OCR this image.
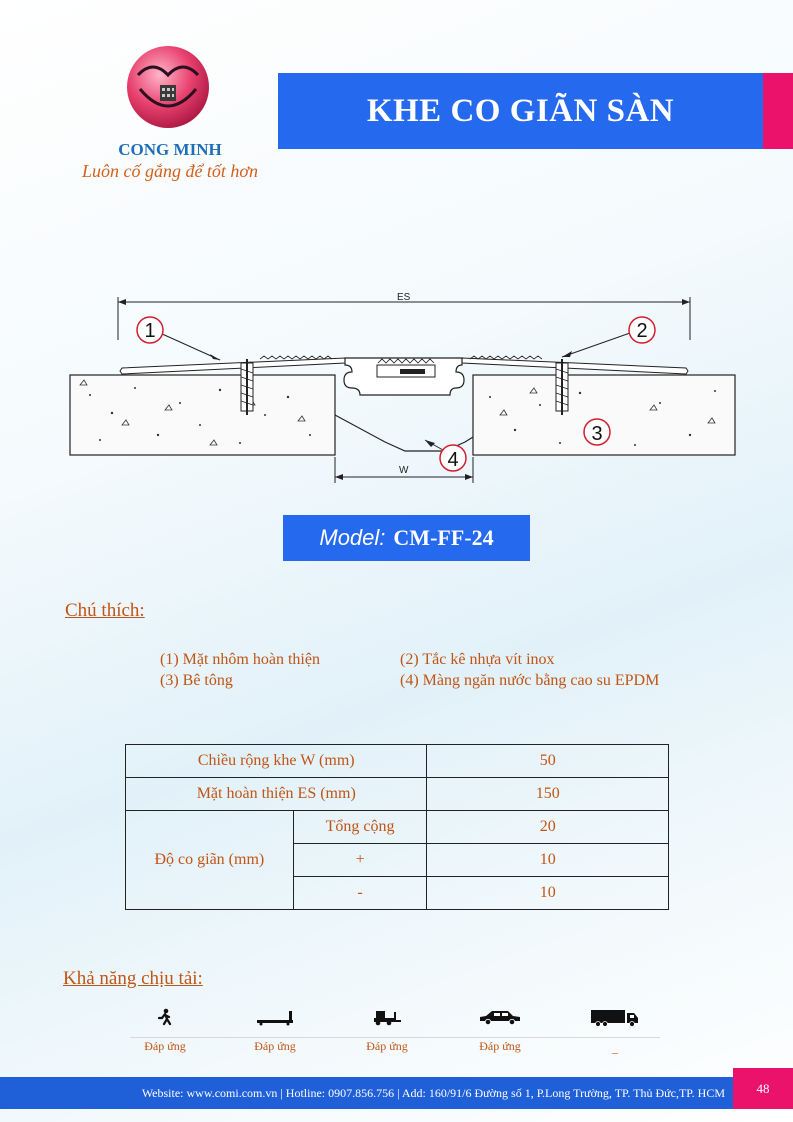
CONG MINH
Luôn cố gắng để tốt hơn
KHE CO GIÃN SÀN
ES
W
1	2
3
4
Model: CM-FF-24
Chú thích:
(1) Mặt nhôm hoàn thiện	(2) Tắc kê nhựa vít inox
(3) Bê tông	(4) Màng ngăn nước bằng cao su EPDM
Chiều rộng khe W (mm)		50
Mặt hoàn thiện ES (mm)		150
Độ co giãn (mm)	Tổng cộng	20
	+	10
	-	10
Khả năng chịu tải:
Đáp ứng	Đáp ứng	Đáp ứng	Đáp ứng	_
Website: www.comi.com.vn | Hotline: 0907.856.756 | Add: 160/91/6 Đường số 1, P.Long Trường, TP. Thủ Đức,TP. HCM	48
